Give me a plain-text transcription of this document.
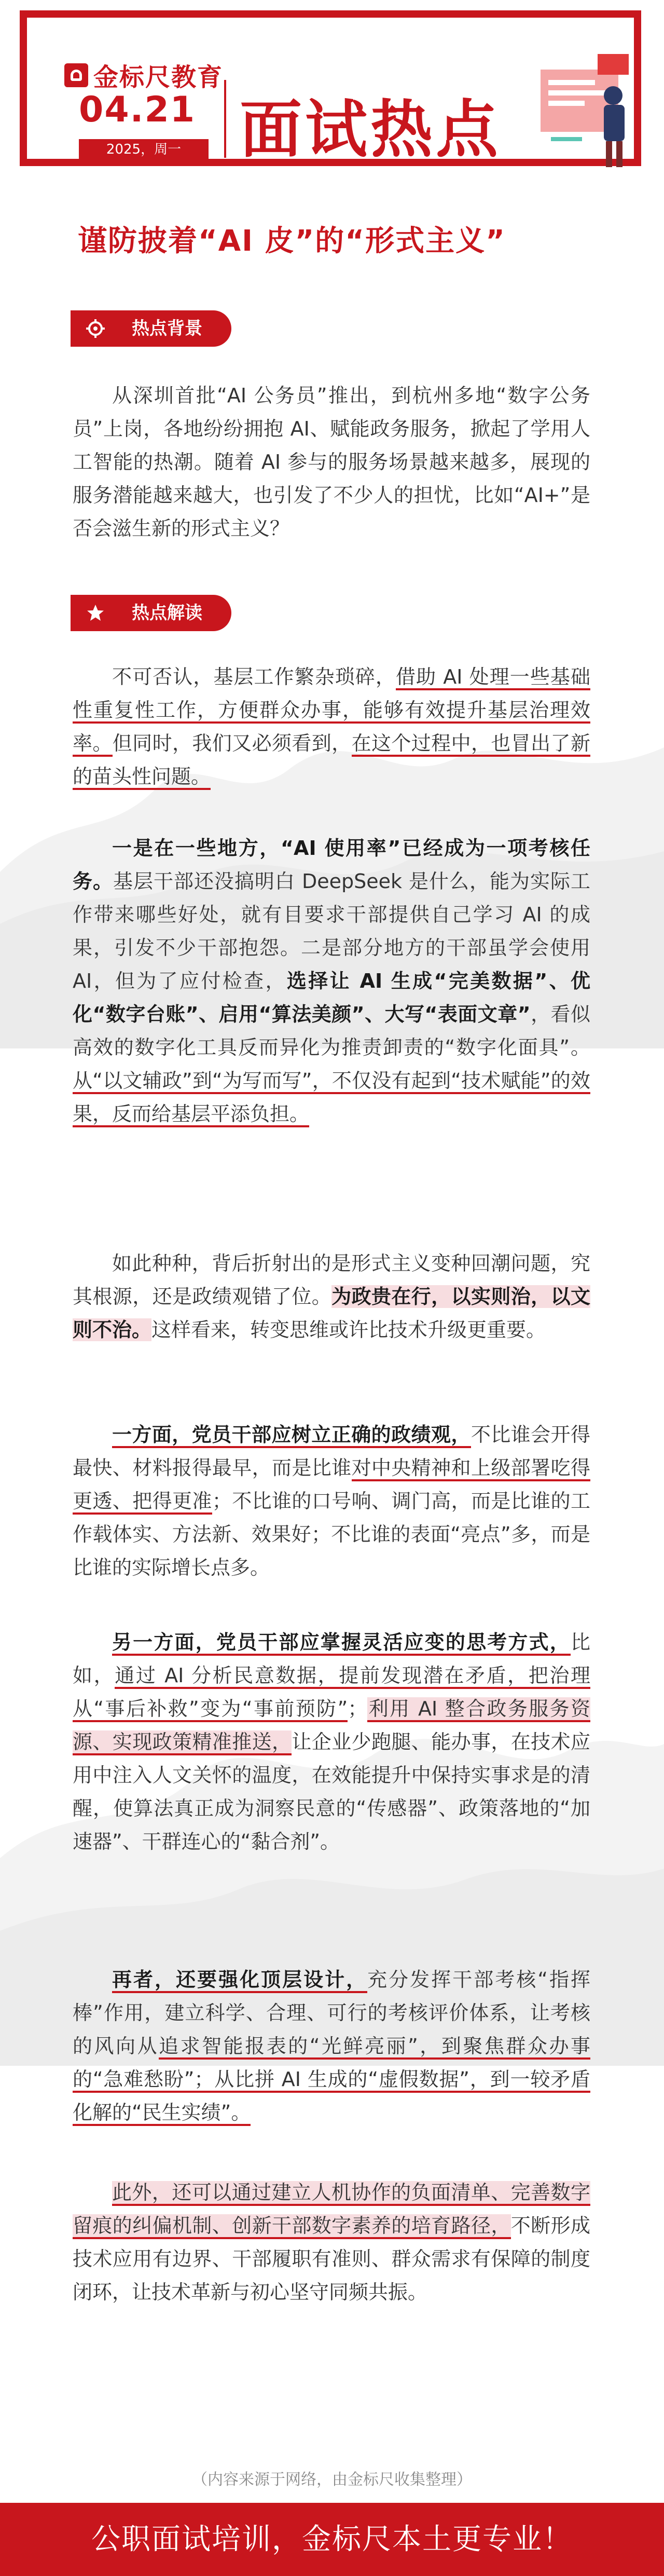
金标尺教育
04.21
2025，周一 面试热点
谨防披着“AI 皮”的“形式主义”
热点背景

从深圳首批“AI 公务员”推出，到杭州多地“数字公务员”上岗，各地纷纷拥抱 AI、赋能政务服务，掀起了学用人工智能的热潮。随着 AI 参与的服务场景越来越多，展现的服务潜能越来越大，也引发了不少人的担忧，比如“AI+”是否会滋生新的形式主义？

热点解读

不可否认，基层工作繁杂琐碎，借助 AI 处理一些基础性重复性工作，方便群众办事，能够有效提升基层治理效率。但同时，我们又必须看到，在这个过程中，也冒出了新的苗头性问题。

一是在一些地方，“AI 使用率”已经成为一项考核任务。基层干部还没搞明白 DeepSeek 是什么，能为实际工作带来哪些好处，就有目要求干部提供自己学习 AI 的成果，引发不少干部抱怨。二是部分地方的干部虽学会使用 AI，但为了应付检查，选择让 AI 生成“完美数据”、优化“数字台账”、启用“算法美颜”、大写“表面文章”，看似高效的数字化工具反而异化为推责卸责的“数字化面具”。从“以文辅政”到“为写而写”，不仅没有起到“技术赋能”的效果，反而给基层平添负担。

如此种种，背后折射出的是形式主义变种回潮问题，究其根源，还是政绩观错了位。为政贵在行，以实则治，以文则不治。这样看来，转变思维或许比技术升级更重要。

一方面，党员干部应树立正确的政绩观，不比谁会开得最快、材料报得最早，而是比谁对中央精神和上级部署吃得更透、把得更准；不比谁的口号响、调门高，而是比谁的工作载体实、方法新、效果好；不比谁的表面“亮点”多，而是比谁的实际增长点多。

另一方面，党员干部应掌握灵活应变的思考方式，比如，通过 AI 分析民意数据，提前发现潜在矛盾，把治理从“事后补救”变为“事前预防”；利用 AI 整合政务服务资源、实现政策精准推送，让企业少跑腿、能办事，在技术应用中注入人文关怀的温度，在效能提升中保持实事求是的清醒，使算法真正成为洞察民意的“传感器”、政策落地的“加速器”、干群连心的“黏合剂”。

再者，还要强化顶层设计，充分发挥干部考核“指挥棒”作用，建立科学、合理、可行的考核评价体系，让考核的风向从追求智能报表的“光鲜亮丽”，到聚焦群众办事的“急难愁盼”；从比拼 AI 生成的“虚假数据”，到一较矛盾化解的“民生实绩”。

此外，还可以通过建立人机协作的负面清单、完善数字留痕的纠偏机制、创新干部数字素养的培育路径，不断形成技术应用有边界、干部履职有准则、群众需求有保障的制度闭环，让技术革新与初心坚守同频共振。

（内容来源于网络，由金标尺收集整理）
公职面试培训，金标尺本土更专业！
